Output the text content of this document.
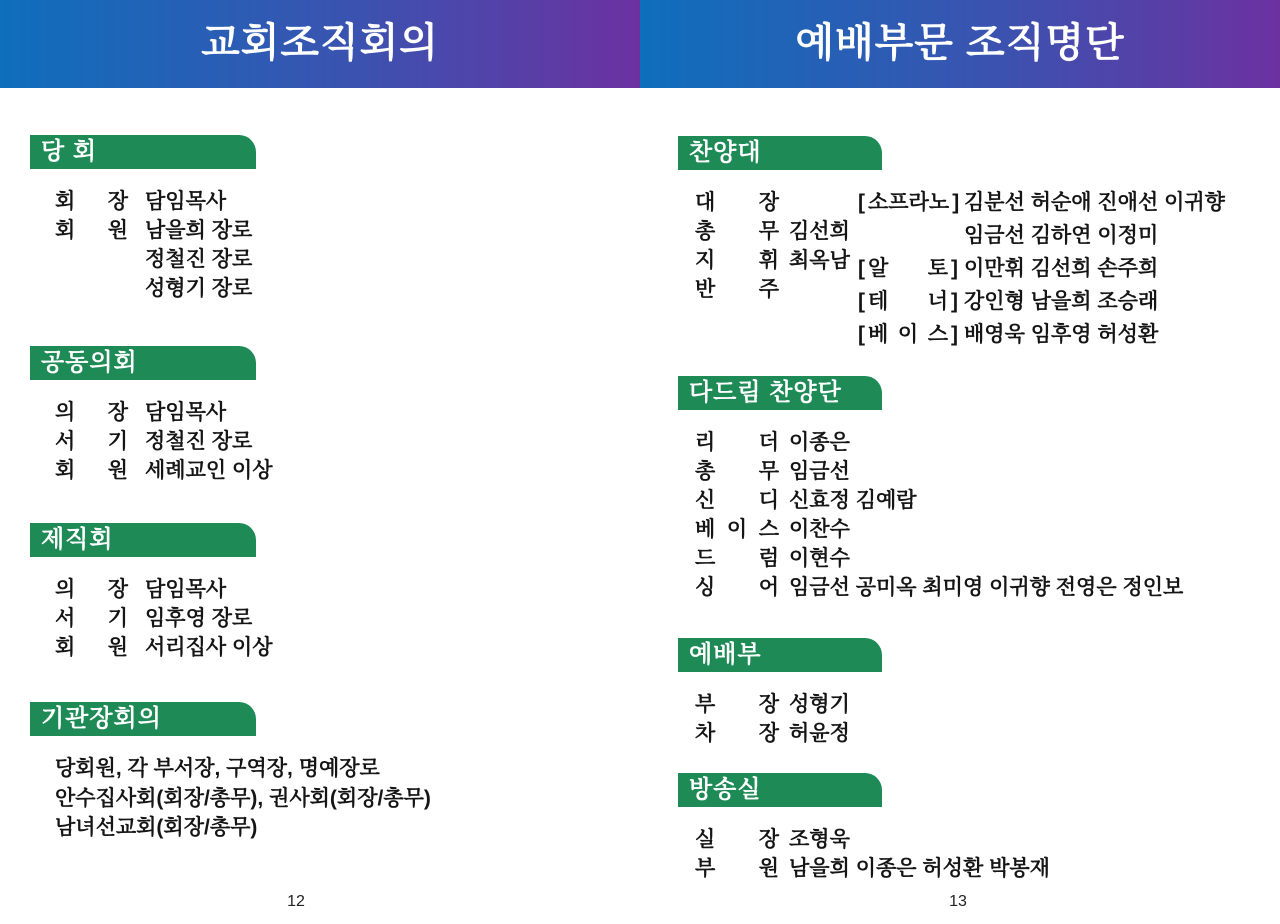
교회조직회의	예배부문 조직명단
당 회
회 장 담임목사
회 원 남을희 장로
정철진 장로
성형기 장로
공동의회
의 장 담임목사
서 기 정철진 장로
회 원 세례교인 이상
제직회
의 장 담임목사
서 기 임후영 장로
회 원 서리집사 이상
기관장회의
당회원, 각 부서장, 구역장, 명예장로
안수집사회(회장/총무), 권사회(회장/총무)
남녀선교회(회장/총무)
찬양대
대 장
총 무 김선희
지 휘 최옥남
반 주
[ 소 프 라 노 ] 김분선 허순애 진애선 이귀향
임금선 김하연 이정미
[ 알 토 ] 이만휘 김선희 손주희
[ 테 너 ] 강인형 남을희 조승래
[ 베 이 스 ] 배영욱 임후영 허성환
다드림 찬양단
리 더 이종은
총 무 임금선
신 디 신효정 김예람
베 이 스 이찬수
드 럼 이현수
싱 어 임금선 공미옥 최미영 이귀향 전영은 정인보
예배부
부 장 성형기
차 장 허윤정
방송실
실 장 조형욱
부 원 남을희 이종은 허성환 박봉재
12	13
